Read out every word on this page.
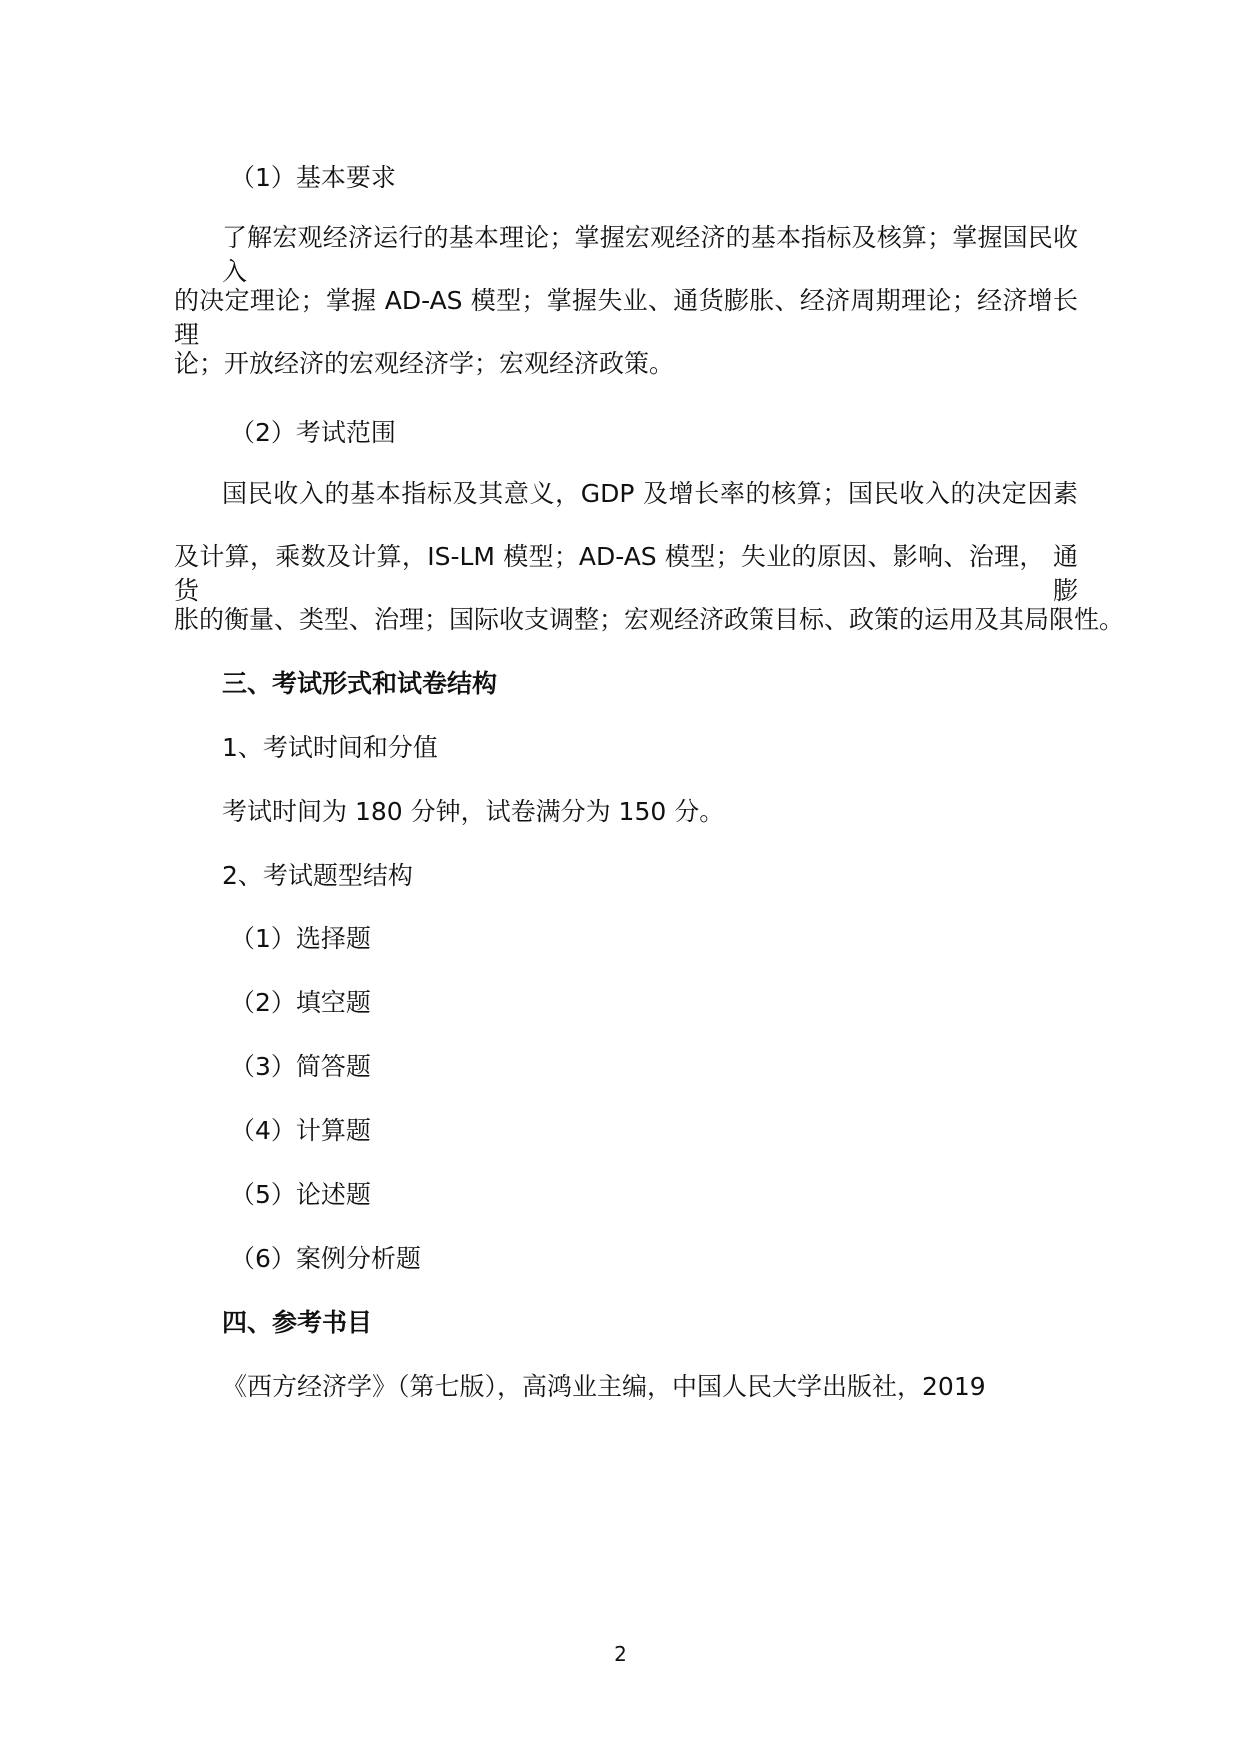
（1）基本要求
了解宏观经济运行的基本理论；掌握宏观经济的基本指标及核算；掌握国民收入
的决定理论；掌握 AD-AS 模型；掌握失业、通货膨胀、经济周期理论；经济增长理
论；开放经济的宏观经济学；宏观经济政策。
（2）考试范围
国民收入的基本指标及其意义，GDP 及增长率的核算；国民收入的决定因素
及计算，乘数及计算，IS-LM 模型；AD-AS 模型；失业的原因、影响、治理， 通货膨
胀的衡量、类型、治理；国际收支调整；宏观经济政策目标、政策的运用及其局限性。
三、考试形式和试卷结构
1、考试时间和分值
考试时间为 180 分钟，试卷满分为 150 分。
2、考试题型结构
（1）选择题
（2）填空题
（3）简答题
（4）计算题
（5）论述题
（6）案例分析题
四、参考书目
《西方经济学》（第七版），高鸿业主编，中国人民大学出版社，2019
2
